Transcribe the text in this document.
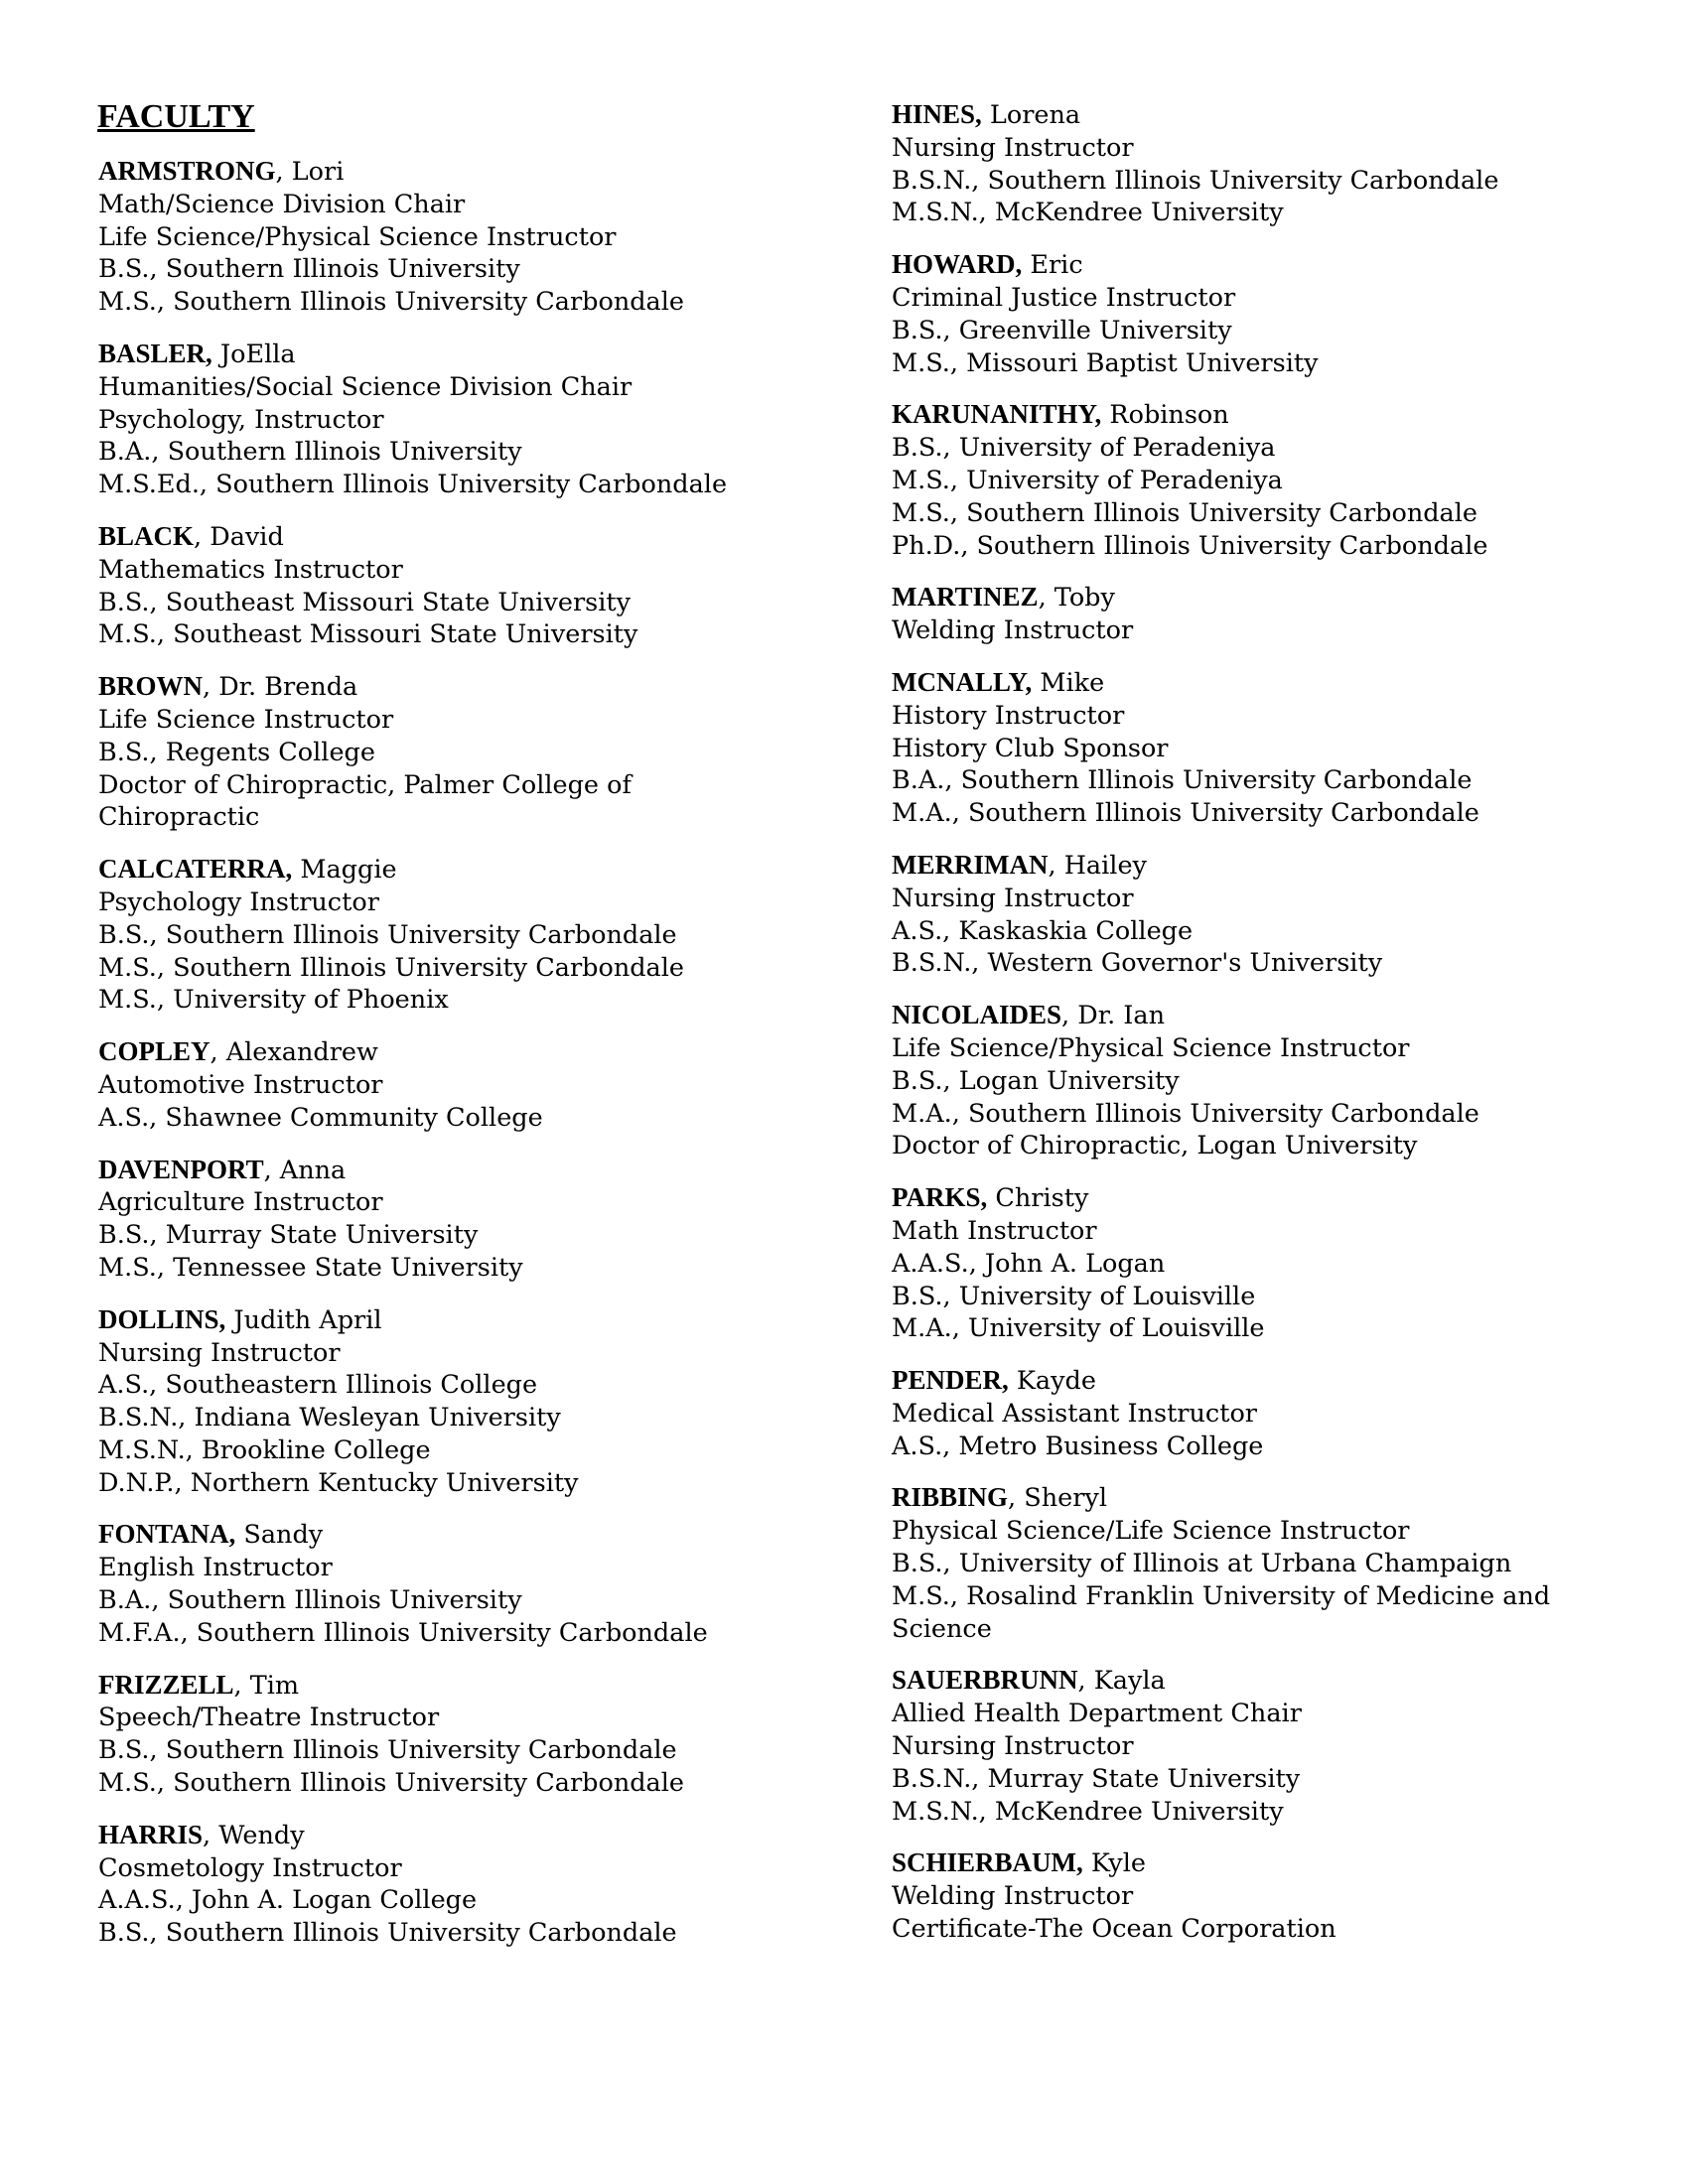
FACULTY
ARMSTRONG, Lori
Math/Science Division Chair
Life Science/Physical Science Instructor
B.S., Southern Illinois University
M.S., Southern Illinois University Carbondale
BASLER, JoElla
Humanities/Social Science Division Chair
Psychology, Instructor
B.A., Southern Illinois University
M.S.Ed., Southern Illinois University Carbondale
BLACK, David
Mathematics Instructor
B.S., Southeast Missouri State University
M.S., Southeast Missouri State University
BROWN, Dr. Brenda
Life Science Instructor
B.S., Regents College
Doctor of Chiropractic, Palmer College of
Chiropractic
CALCATERRA, Maggie
Psychology Instructor
B.S., Southern Illinois University Carbondale
M.S., Southern Illinois University Carbondale
M.S., University of Phoenix
COPLEY, Alexandrew
Automotive Instructor
A.S., Shawnee Community College
DAVENPORT, Anna
Agriculture Instructor
B.S., Murray State University
M.S., Tennessee State University
DOLLINS, Judith April
Nursing Instructor
A.S., Southeastern Illinois College
B.S.N., Indiana Wesleyan University
M.S.N., Brookline College
D.N.P., Northern Kentucky University
FONTANA, Sandy
English Instructor
B.A., Southern Illinois University
M.F.A., Southern Illinois University Carbondale
FRIZZELL, Tim
Speech/Theatre Instructor
B.S., Southern Illinois University Carbondale
M.S., Southern Illinois University Carbondale
HARRIS, Wendy
Cosmetology Instructor
A.A.S., John A. Logan College
B.S., Southern Illinois University Carbondale
HINES, Lorena
Nursing Instructor
B.S.N., Southern Illinois University Carbondale
M.S.N., McKendree University
HOWARD, Eric
Criminal Justice Instructor
B.S., Greenville University
M.S., Missouri Baptist University
KARUNANITHY, Robinson
B.S., University of Peradeniya
M.S., University of Peradeniya
M.S., Southern Illinois University Carbondale
Ph.D., Southern Illinois University Carbondale
MARTINEZ, Toby
Welding Instructor
MCNALLY, Mike
History Instructor
History Club Sponsor
B.A., Southern Illinois University Carbondale
M.A., Southern Illinois University Carbondale
MERRIMAN, Hailey
Nursing Instructor
A.S., Kaskaskia College
B.S.N., Western Governor's University
NICOLAIDES, Dr. Ian
Life Science/Physical Science Instructor
B.S., Logan University
M.A., Southern Illinois University Carbondale
Doctor of Chiropractic, Logan University
PARKS, Christy
Math Instructor
A.A.S., John A. Logan
B.S., University of Louisville
M.A., University of Louisville
PENDER, Kayde
Medical Assistant Instructor
A.S., Metro Business College
RIBBING, Sheryl
Physical Science/Life Science Instructor
B.S., University of Illinois at Urbana Champaign
M.S., Rosalind Franklin University of Medicine and
Science
SAUERBRUNN, Kayla
Allied Health Department Chair
Nursing Instructor
B.S.N., Murray State University
M.S.N., McKendree University
SCHIERBAUM, Kyle
Welding Instructor
Certificate-The Ocean Corporation
